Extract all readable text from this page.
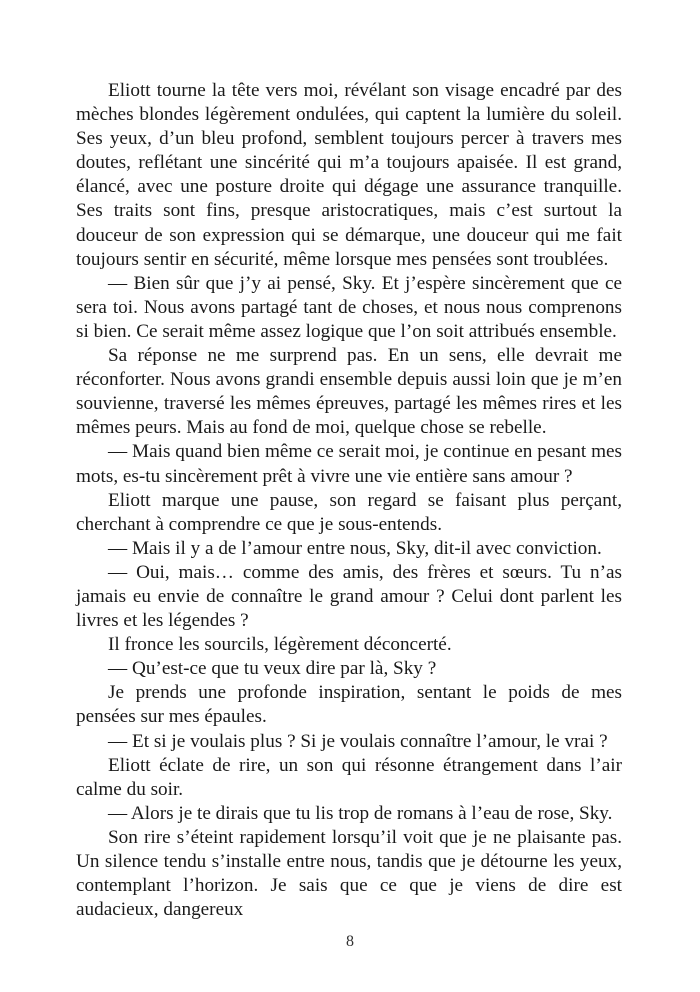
Eliott tourne la tête vers moi, révélant son visage encadré par des mèches blondes légèrement ondulées, qui captent la lumière du soleil. Ses yeux, d’un bleu profond, semblent toujours percer à travers mes doutes, reflétant une sincérité qui m’a toujours apaisée. Il est grand, élancé, avec une posture droite qui dégage une assurance tranquille. Ses traits sont fins, presque aristocratiques, mais c’est surtout la douceur de son expression qui se démarque, une douceur qui me fait toujours sentir en sécurité, même lorsque mes pensées sont troublées.

— Bien sûr que j’y ai pensé, Sky. Et j’espère sincèrement que ce sera toi. Nous avons partagé tant de choses, et nous nous comprenons si bien. Ce serait même assez logique que l’on soit attribués ensemble.

Sa réponse ne me surprend pas. En un sens, elle devrait me réconforter. Nous avons grandi ensemble depuis aussi loin que je m’en souvienne, traversé les mêmes épreuves, partagé les mêmes rires et les mêmes peurs. Mais au fond de moi, quelque chose se rebelle.

— Mais quand bien même ce serait moi, je continue en pesant mes mots, es-tu sincèrement prêt à vivre une vie entière sans amour ?

Eliott marque une pause, son regard se faisant plus perçant, cherchant à comprendre ce que je sous-entends.

— Mais il y a de l’amour entre nous, Sky, dit-il avec conviction.

— Oui, mais… comme des amis, des frères et sœurs. Tu n’as jamais eu envie de connaître le grand amour ? Celui dont parlent les livres et les légendes ?

Il fronce les sourcils, légèrement déconcerté.

— Qu’est-ce que tu veux dire par là, Sky ?

Je prends une profonde inspiration, sentant le poids de mes pensées sur mes épaules.

— Et si je voulais plus ? Si je voulais connaître l’amour, le vrai ?

Eliott éclate de rire, un son qui résonne étrangement dans l’air calme du soir.

— Alors je te dirais que tu lis trop de romans à l’eau de rose, Sky.

Son rire s’éteint rapidement lorsqu’il voit que je ne plaisante pas. Un silence tendu s’installe entre nous, tandis que je détourne les yeux, contemplant l’horizon. Je sais que ce que je viens de dire est audacieux, dangereux

8
